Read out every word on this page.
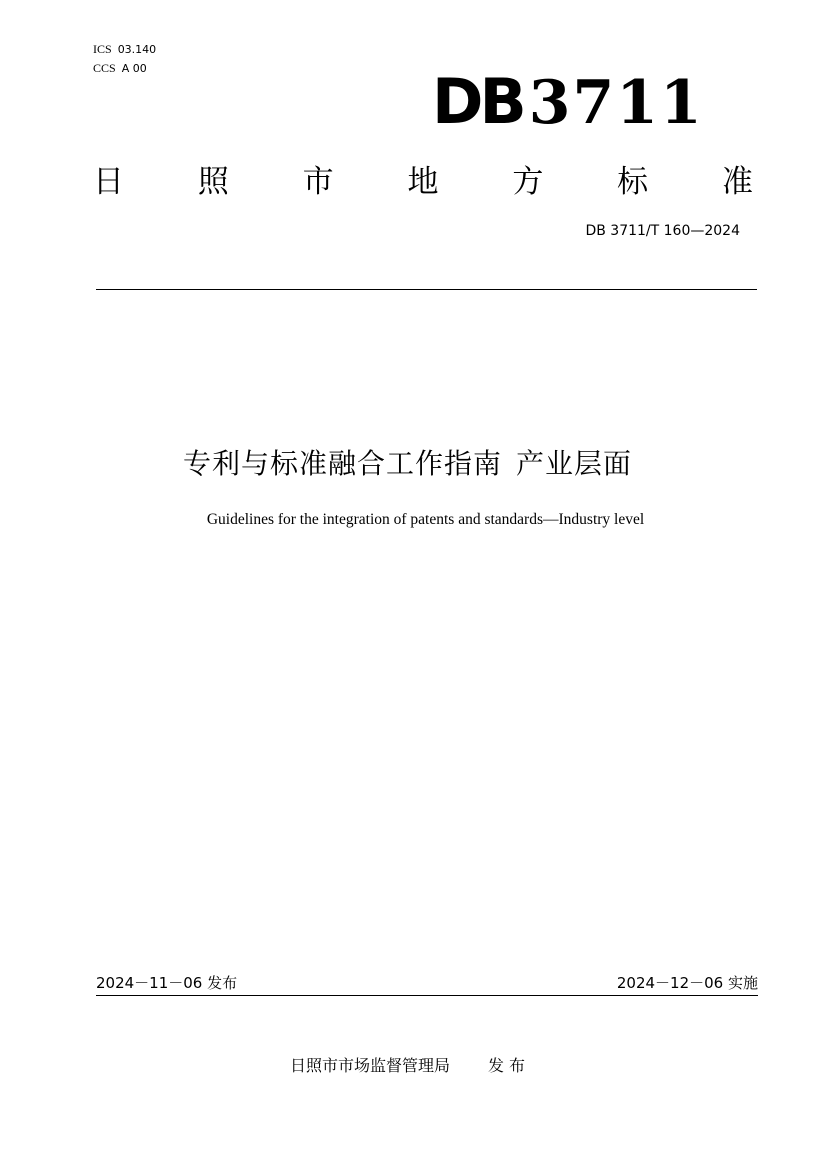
ICS 03.140
CCS A 00	DB 3711
日 照 市 地 方 标 准
DB 3711/T 160—2024
专利与标准融合工作指南 产业层面
Guidelines for the integration of patents and standards—Industry level
2024－11－06 发布	2024－12－06 实施
日照市市场监督管理局 发 布
